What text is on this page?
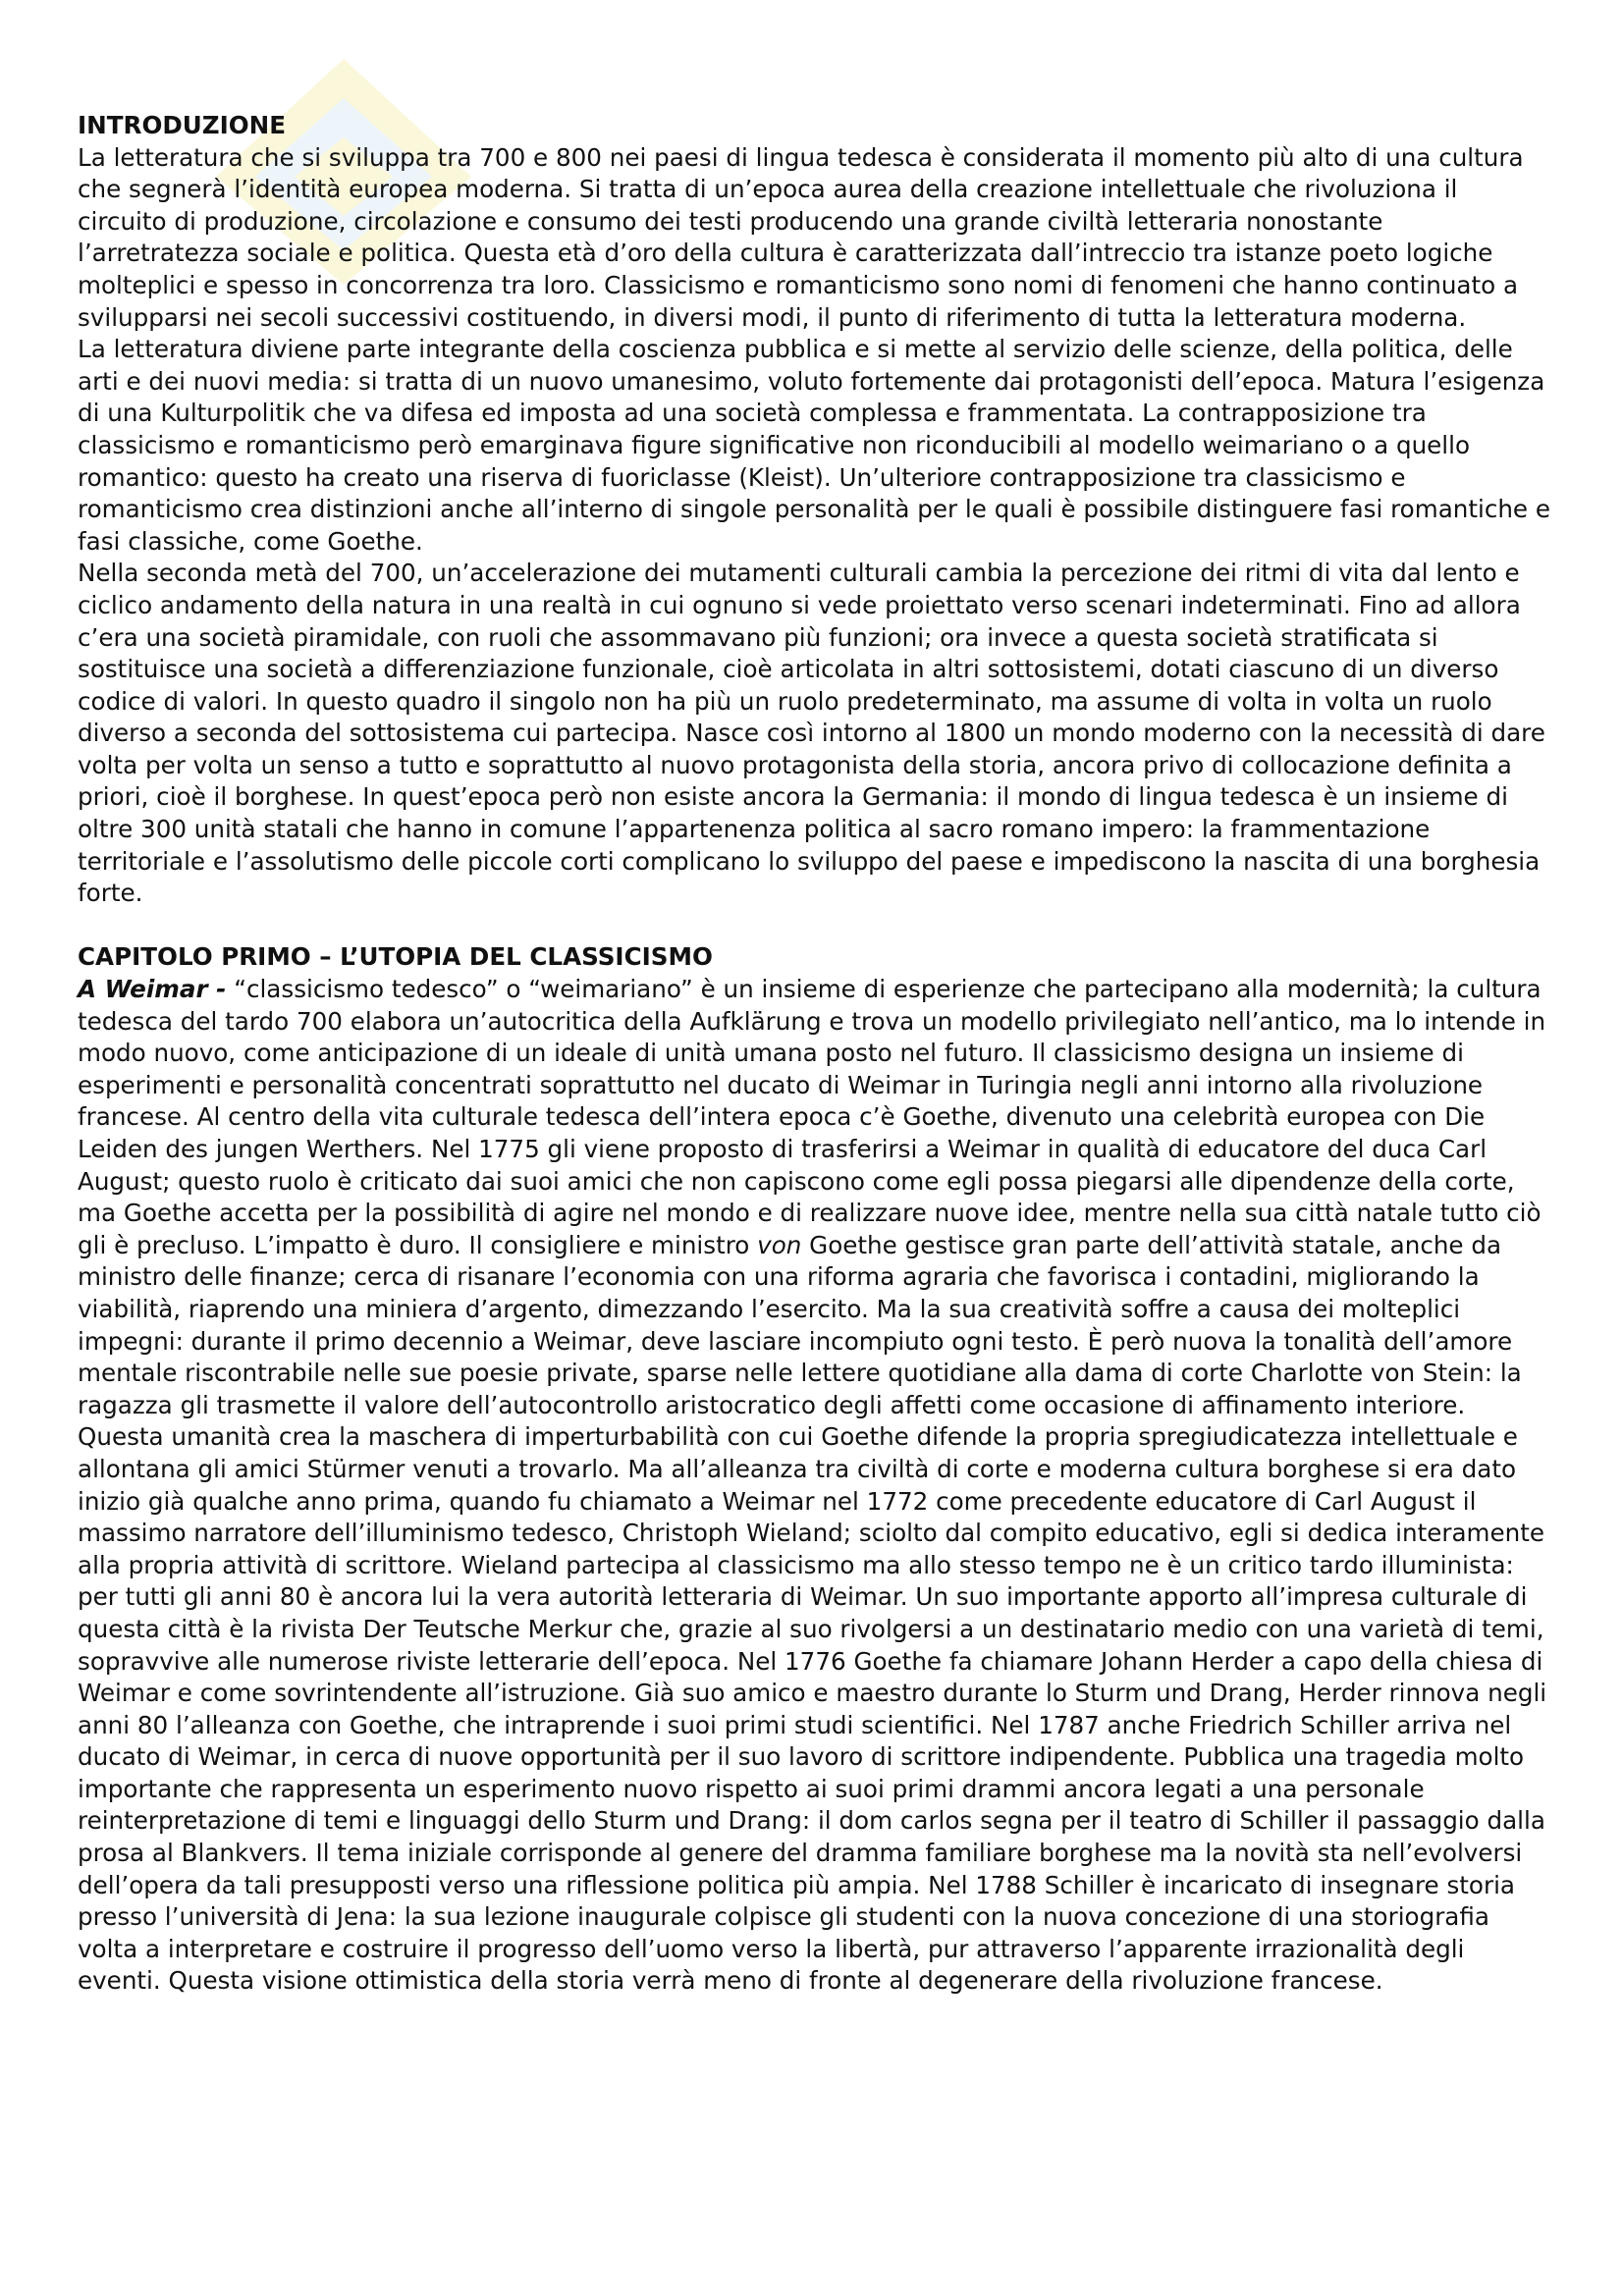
INTRODUZIONE

La letteratura che si sviluppa tra 700 e 800 nei paesi di lingua tedesca è considerata il momento più alto di una cultura che segnerà l’identità europea moderna. Si tratta di un’epoca aurea della creazione intellettuale che rivoluziona il circuito di produzione, circolazione e consumo dei testi producendo una grande civiltà letteraria nonostante l’arretratezza sociale e politica. Questa età d’oro della cultura è caratterizzata dall’intreccio tra istanze poeto logiche molteplici e spesso in concorrenza tra loro. Classicismo e romanticismo sono nomi di fenomeni che hanno continuato a svilupparsi nei secoli successivi costituendo, in diversi modi, il punto di riferimento di tutta la letteratura moderna.

La letteratura diviene parte integrante della coscienza pubblica e si mette al servizio delle scienze, della politica, delle arti e dei nuovi media: si tratta di un nuovo umanesimo, voluto fortemente dai protagonisti dell’epoca. Matura l’esigenza di una Kulturpolitik che va difesa ed imposta ad una società complessa e frammentata. La contrapposizione tra classicismo e romanticismo però emarginava figure significative non riconducibili al modello weimariano o a quello romantico: questo ha creato una riserva di fuoriclasse (Kleist). Un’ulteriore contrapposizione tra classicismo e romanticismo crea distinzioni anche all’interno di singole personalità per le quali è possibile distinguere fasi romantiche e fasi classiche, come Goethe.

Nella seconda metà del 700, un’accelerazione dei mutamenti culturali cambia la percezione dei ritmi di vita dal lento e ciclico andamento della natura in una realtà in cui ognuno si vede proiettato verso scenari indeterminati. Fino ad allora c’era una società piramidale, con ruoli che assommavano più funzioni; ora invece a questa società stratificata si sostituisce una società a differenziazione funzionale, cioè articolata in altri sottosistemi, dotati ciascuno di un diverso codice di valori. In questo quadro il singolo non ha più un ruolo predeterminato, ma assume di volta in volta un ruolo diverso a seconda del sottosistema cui partecipa. Nasce così intorno al 1800 un mondo moderno con la necessità di dare volta per volta un senso a tutto e soprattutto al nuovo protagonista della storia, ancora privo di collocazione definita a priori, cioè il borghese. In quest’epoca però non esiste ancora la Germania: il mondo di lingua tedesca è un insieme di oltre 300 unità statali che hanno in comune l’appartenenza politica al sacro romano impero: la frammentazione territoriale e l’assolutismo delle piccole corti complicano lo sviluppo del paese e impediscono la nascita di una borghesia forte.

CAPITOLO PRIMO – L’UTOPIA DEL CLASSICISMO

A Weimar - “classicismo tedesco” o “weimariano” è un insieme di esperienze che partecipano alla modernità; la cultura tedesca del tardo 700 elabora un’autocritica della Aufklärung e trova un modello privilegiato nell’antico, ma lo intende in modo nuovo, come anticipazione di un ideale di unità umana posto nel futuro. Il classicismo designa un insieme di esperimenti e personalità concentrati soprattutto nel ducato di Weimar in Turingia negli anni intorno alla rivoluzione francese. Al centro della vita culturale tedesca dell’intera epoca c’è Goethe, divenuto una celebrità europea con Die Leiden des jungen Werthers. Nel 1775 gli viene proposto di trasferirsi a Weimar in qualità di educatore del duca Carl August; questo ruolo è criticato dai suoi amici che non capiscono come egli possa piegarsi alle dipendenze della corte, ma Goethe accetta per la possibilità di agire nel mondo e di realizzare nuove idee, mentre nella sua città natale tutto ciò gli è precluso. L’impatto è duro. Il consigliere e ministro von Goethe gestisce gran parte dell’attività statale, anche da ministro delle finanze; cerca di risanare l’economia con una riforma agraria che favorisca i contadini, migliorando la viabilità, riaprendo una miniera d’argento, dimezzando l’esercito. Ma la sua creatività soffre a causa dei molteplici impegni: durante il primo decennio a Weimar, deve lasciare incompiuto ogni testo. È però nuova la tonalità dell’amore mentale riscontrabile nelle sue poesie private, sparse nelle lettere quotidiane alla dama di corte Charlotte von Stein: la ragazza gli trasmette il valore dell’autocontrollo aristocratico degli affetti come occasione di affinamento interiore. Questa umanità crea la maschera di imperturbabilità con cui Goethe difende la propria spregiudicatezza intellettuale e allontana gli amici Stürmer venuti a trovarlo. Ma all’alleanza tra civiltà di corte e moderna cultura borghese si era dato inizio già qualche anno prima, quando fu chiamato a Weimar nel 1772 come precedente educatore di Carl August il massimo narratore dell’illuminismo tedesco, Christoph Wieland; sciolto dal compito educativo, egli si dedica interamente alla propria attività di scrittore. Wieland partecipa al classicismo ma allo stesso tempo ne è un critico tardo illuminista: per tutti gli anni 80 è ancora lui la vera autorità letteraria di Weimar. Un suo importante apporto all’impresa culturale di questa città è la rivista Der Teutsche Merkur che, grazie al suo rivolgersi a un destinatario medio con una varietà di temi, sopravvive alle numerose riviste letterarie dell’epoca. Nel 1776 Goethe fa chiamare Johann Herder a capo della chiesa di Weimar e come sovrintendente all’istruzione. Già suo amico e maestro durante lo Sturm und Drang, Herder rinnova negli anni 80 l’alleanza con Goethe, che intraprende i suoi primi studi scientifici. Nel 1787 anche Friedrich Schiller arriva nel ducato di Weimar, in cerca di nuove opportunità per il suo lavoro di scrittore indipendente. Pubblica una tragedia molto importante che rappresenta un esperimento nuovo rispetto ai suoi primi drammi ancora legati a una personale reinterpretazione di temi e linguaggi dello Sturm und Drang: il dom carlos segna per il teatro di Schiller il passaggio dalla prosa al Blankvers. Il tema iniziale corrisponde al genere del dramma familiare borghese ma la novità sta nell’evolversi dell’opera da tali presupposti verso una riflessione politica più ampia. Nel 1788 Schiller è incaricato di insegnare storia presso l’università di Jena: la sua lezione inaugurale colpisce gli studenti con la nuova concezione di una storiografia volta a interpretare e costruire il progresso dell’uomo verso la libertà, pur attraverso l’apparente irrazionalità degli eventi. Questa visione ottimistica della storia verrà meno di fronte al degenerare della rivoluzione francese.
